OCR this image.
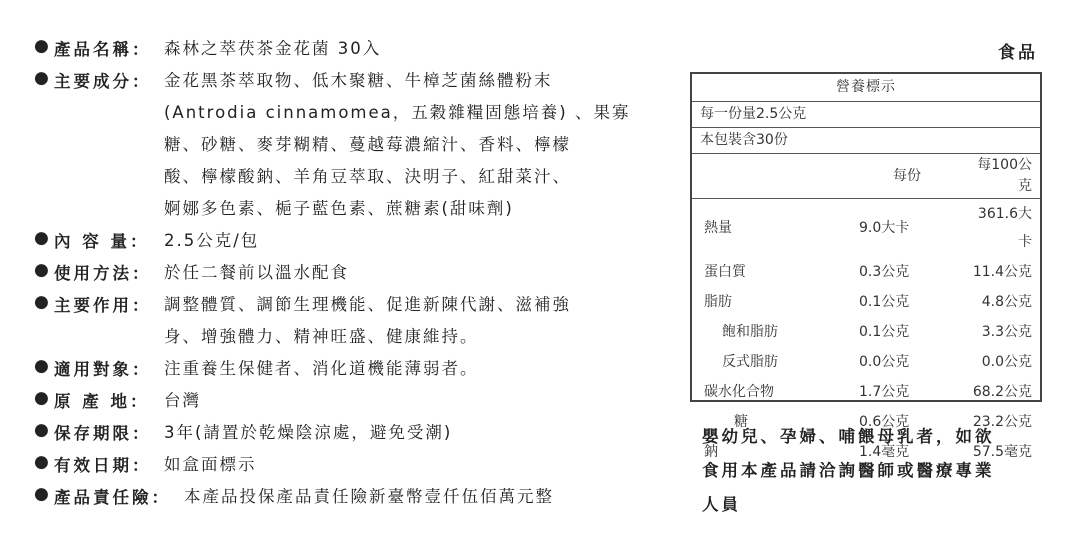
● 產品名稱： 森林之萃茯茶金花菌 30入
● 主要成分： 金花黑茶萃取物、低木聚糖、牛樟芝菌絲體粉末
(Antrodia cinnamomea，五穀雜糧固態培養) 、果寡
糖、砂糖、麥芽糊精、蔓越莓濃縮汁、香料、檸檬
酸、檸檬酸鈉、羊角豆萃取、決明子、紅甜菜汁、
婀娜多色素、梔子藍色素、蔗糖素(甜味劑)
● 內 容 量： 2.5公克/包
● 使用方法： 於任二餐前以溫水配食
● 主要作用： 調整體質、調節生理機能、促進新陳代謝、滋補強
身、增強體力、精神旺盛、健康維持。
● 適用對象： 注重養生保健者、消化道機能薄弱者。
● 原 產 地： 台灣
● 保存期限： 3年(請置於乾燥陰涼處，避免受潮)
● 有效日期： 如盒面標示
● 產品責任險： 本產品投保產品責任險新臺幣壹仟伍佰萬元整
食品
營養標示
每一份量2.5公克
本包裝含30份
	每份	每100公克
熱量	9.0大卡	361.6大卡
蛋白質	0.3公克	11.4公克
脂肪	0.1公克	4.8公克
飽和脂肪	0.1公克	3.3公克
反式脂肪	0.0公克	0.0公克
碳水化合物	1.7公克	68.2公克
糖	0.6公克	23.2公克
鈉	1.4毫克	57.5毫克
嬰幼兒、孕婦、哺餵母乳者，如欲
食用本產品請洽詢醫師或醫療專業
人員
